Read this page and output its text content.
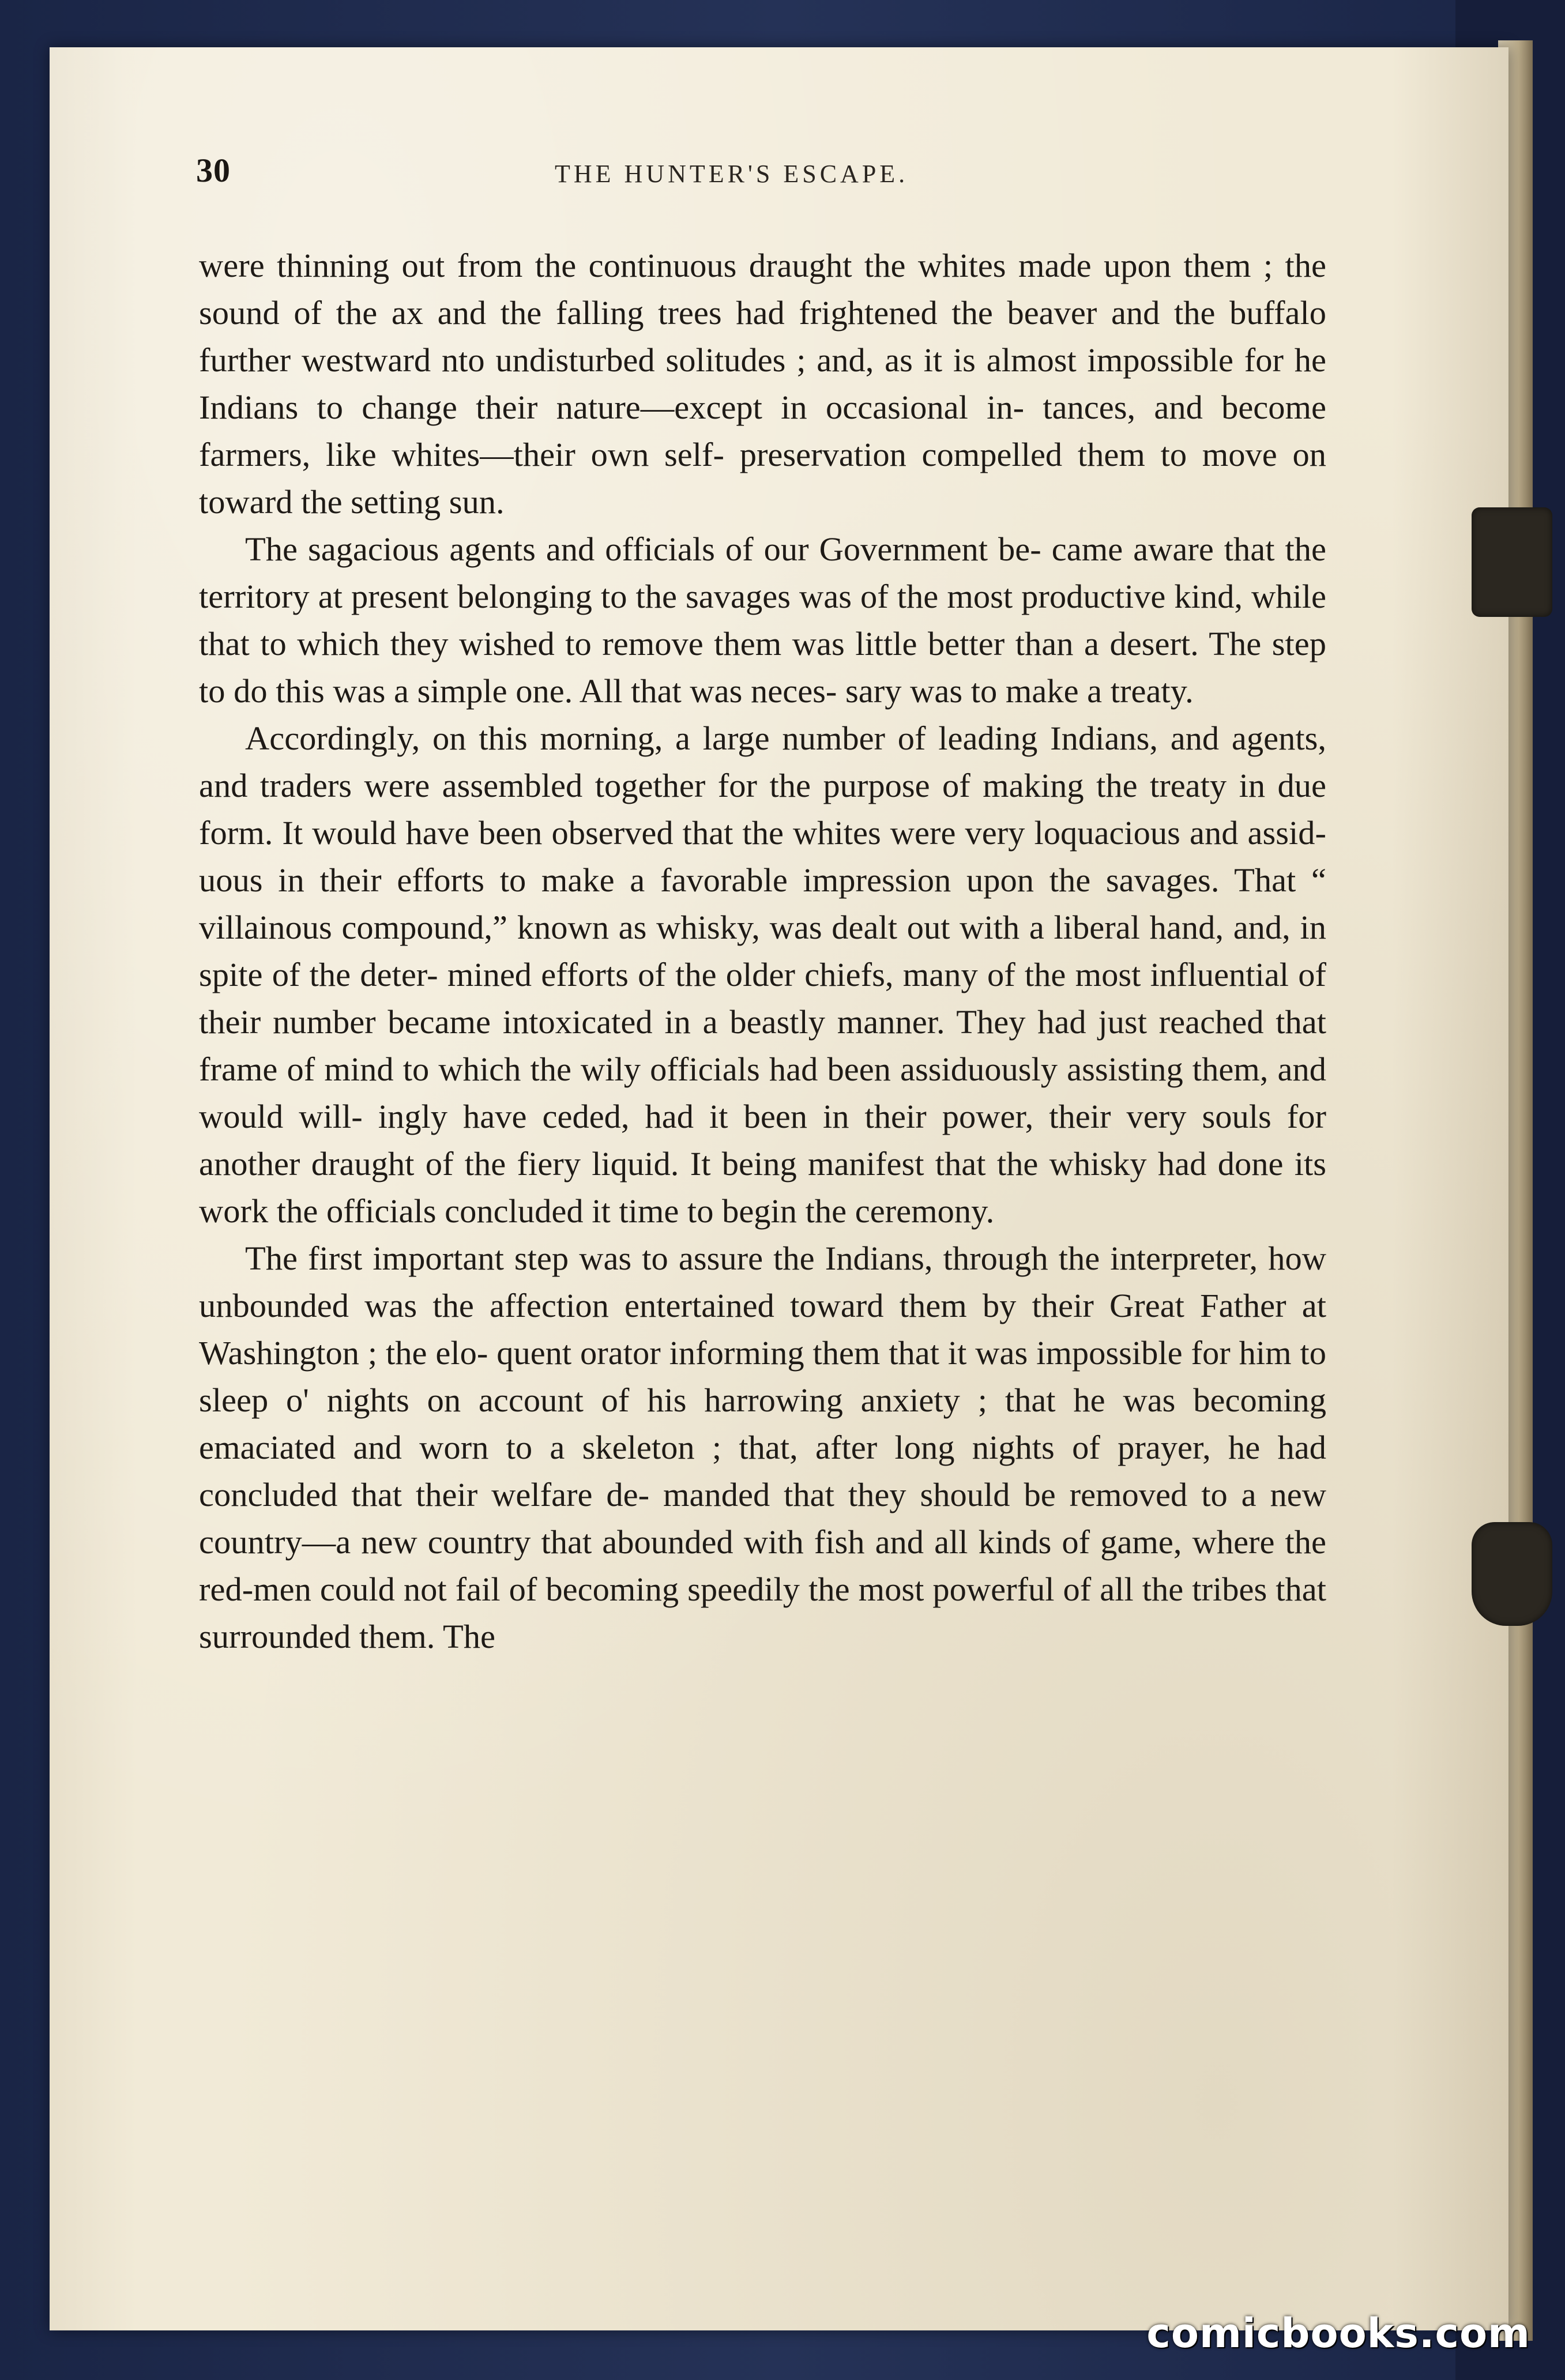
30	THE HUNTER'S ESCAPE.

were thinning out from the continuous draught the whites made upon them ; the sound of the ax and the falling trees had frightened the beaver and the buffalo further westward nto undisturbed solitudes ; and, as it is almost impossible for he Indians to change their nature—except in occasional in- tances, and become farmers, like whites—their own self- preservation compelled them to move on toward the setting sun.

The sagacious agents and officials of our Government be- came aware that the territory at present belonging to the savages was of the most productive kind, while that to which they wished to remove them was little better than a desert. The step to do this was a simple one. All that was neces- sary was to make a treaty.

Accordingly, on this morning, a large number of leading Indians, and agents, and traders were assembled together for the purpose of making the treaty in due form. It would have been observed that the whites were very loquacious and assid- uous in their efforts to make a favorable impression upon the savages. That “ villainous compound,” known as whisky, was dealt out with a liberal hand, and, in spite of the deter- mined efforts of the older chiefs, many of the most influential of their number became intoxicated in a beastly manner. They had just reached that frame of mind to which the wily officials had been assiduously assisting them, and would will- ingly have ceded, had it been in their power, their very souls for another draught of the fiery liquid. It being manifest that the whisky had done its work the officials concluded it time to begin the ceremony.

The first important step was to assure the Indians, through the interpreter, how unbounded was the affection entertained toward them by their Great Father at Washington ; the elo- quent orator informing them that it was impossible for him to sleep o' nights on account of his harrowing anxiety ; that he was becoming emaciated and worn to a skeleton ; that, after long nights of prayer, he had concluded that their welfare de- manded that they should be removed to a new country—a new country that abounded with fish and all kinds of game, where the red-men could not fail of becoming speedily the most powerful of all the tribes that surrounded them. The

comicbooks.com
